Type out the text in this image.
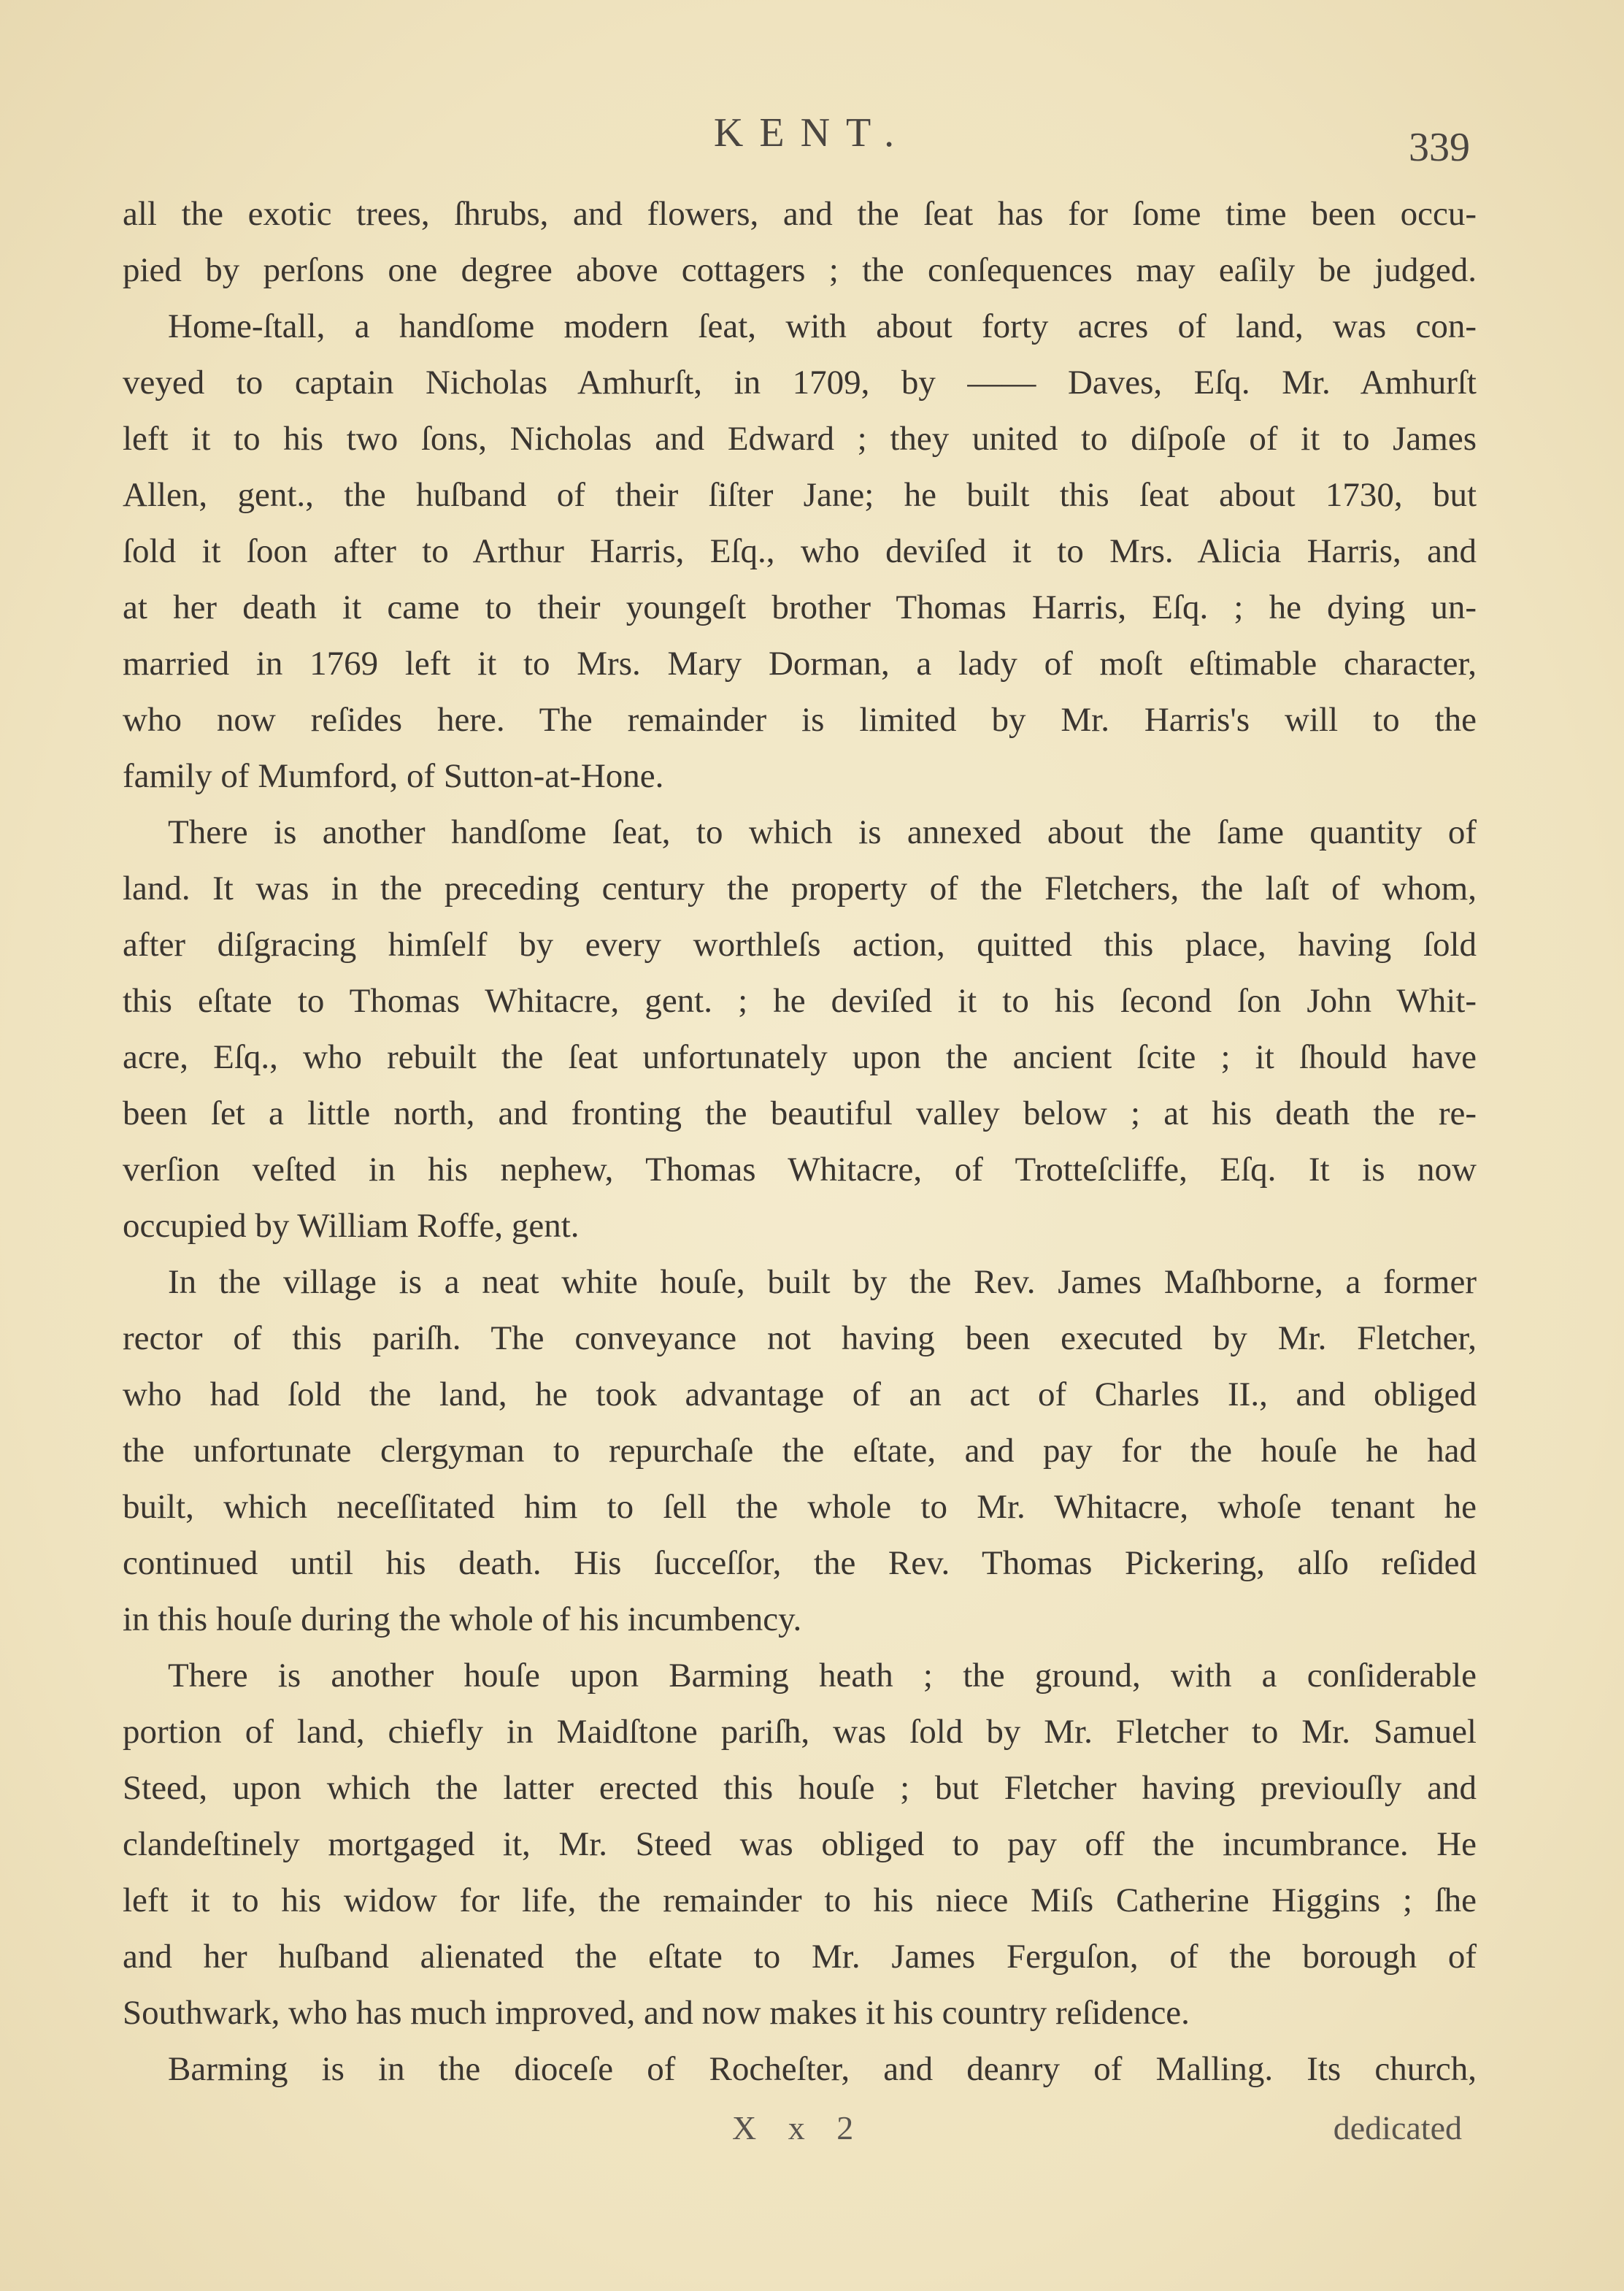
KENT.	339
all the exotic trees, ſhrubs, and flowers, and the ſeat has for ſome time been occu-
pied by perſons one degree above cottagers ; the conſequences may eaſily be judged.
Home-ſtall, a handſome modern ſeat, with about forty acres of land, was con-
veyed to captain Nicholas Amhurſt, in 1709, by —— Daves, Eſq. Mr. Amhurſt
left it to his two ſons, Nicholas and Edward ; they united to diſpoſe of it to James
Allen, gent., the huſband of their ſiſter Jane; he built this ſeat about 1730, but
ſold it ſoon after to Arthur Harris, Eſq., who deviſed it to Mrs. Alicia Harris, and
at her death it came to their youngeſt brother Thomas Harris, Eſq. ; he dying un-
married in 1769 left it to Mrs. Mary Dorman, a lady of moſt eſtimable character,
who now reſides here. The remainder is limited by Mr. Harris's will to the
family of Mumford, of Sutton-at-Hone.
There is another handſome ſeat, to which is annexed about the ſame quantity of
land. It was in the preceding century the property of the Fletchers, the laſt of whom,
after diſgracing himſelf by every worthleſs action, quitted this place, having ſold
this eſtate to Thomas Whitacre, gent. ; he deviſed it to his ſecond ſon John Whit-
acre, Eſq., who rebuilt the ſeat unfortunately upon the ancient ſcite ; it ſhould have
been ſet a little north, and fronting the beautiful valley below ; at his death the re-
verſion veſted in his nephew, Thomas Whitacre, of Trotteſcliffe, Eſq. It is now
occupied by William Roffe, gent.
In the village is a neat white houſe, built by the Rev. James Maſhborne, a former
rector of this pariſh. The conveyance not having been executed by Mr. Fletcher,
who had ſold the land, he took advantage of an act of Charles II., and obliged
the unfortunate clergyman to repurchaſe the eſtate, and pay for the houſe he had
built, which neceſſitated him to ſell the whole to Mr. Whitacre, whoſe tenant he
continued until his death. His ſucceſſor, the Rev. Thomas Pickering, alſo reſided
in this houſe during the whole of his incumbency.
There is another houſe upon Barming heath ; the ground, with a conſiderable
portion of land, chiefly in Maidſtone pariſh, was ſold by Mr. Fletcher to Mr. Samuel
Steed, upon which the latter erected this houſe ; but Fletcher having previouſly and
clandeſtinely mortgaged it, Mr. Steed was obliged to pay off the incumbrance. He
left it to his widow for life, the remainder to his niece Miſs Catherine Higgins ; ſhe
and her huſband alienated the eſtate to Mr. James Ferguſon, of the borough of
Southwark, who has much improved, and now makes it his country reſidence.
Barming is in the dioceſe of Rocheſter, and deanry of Malling. Its church,
X x 2	dedicated
